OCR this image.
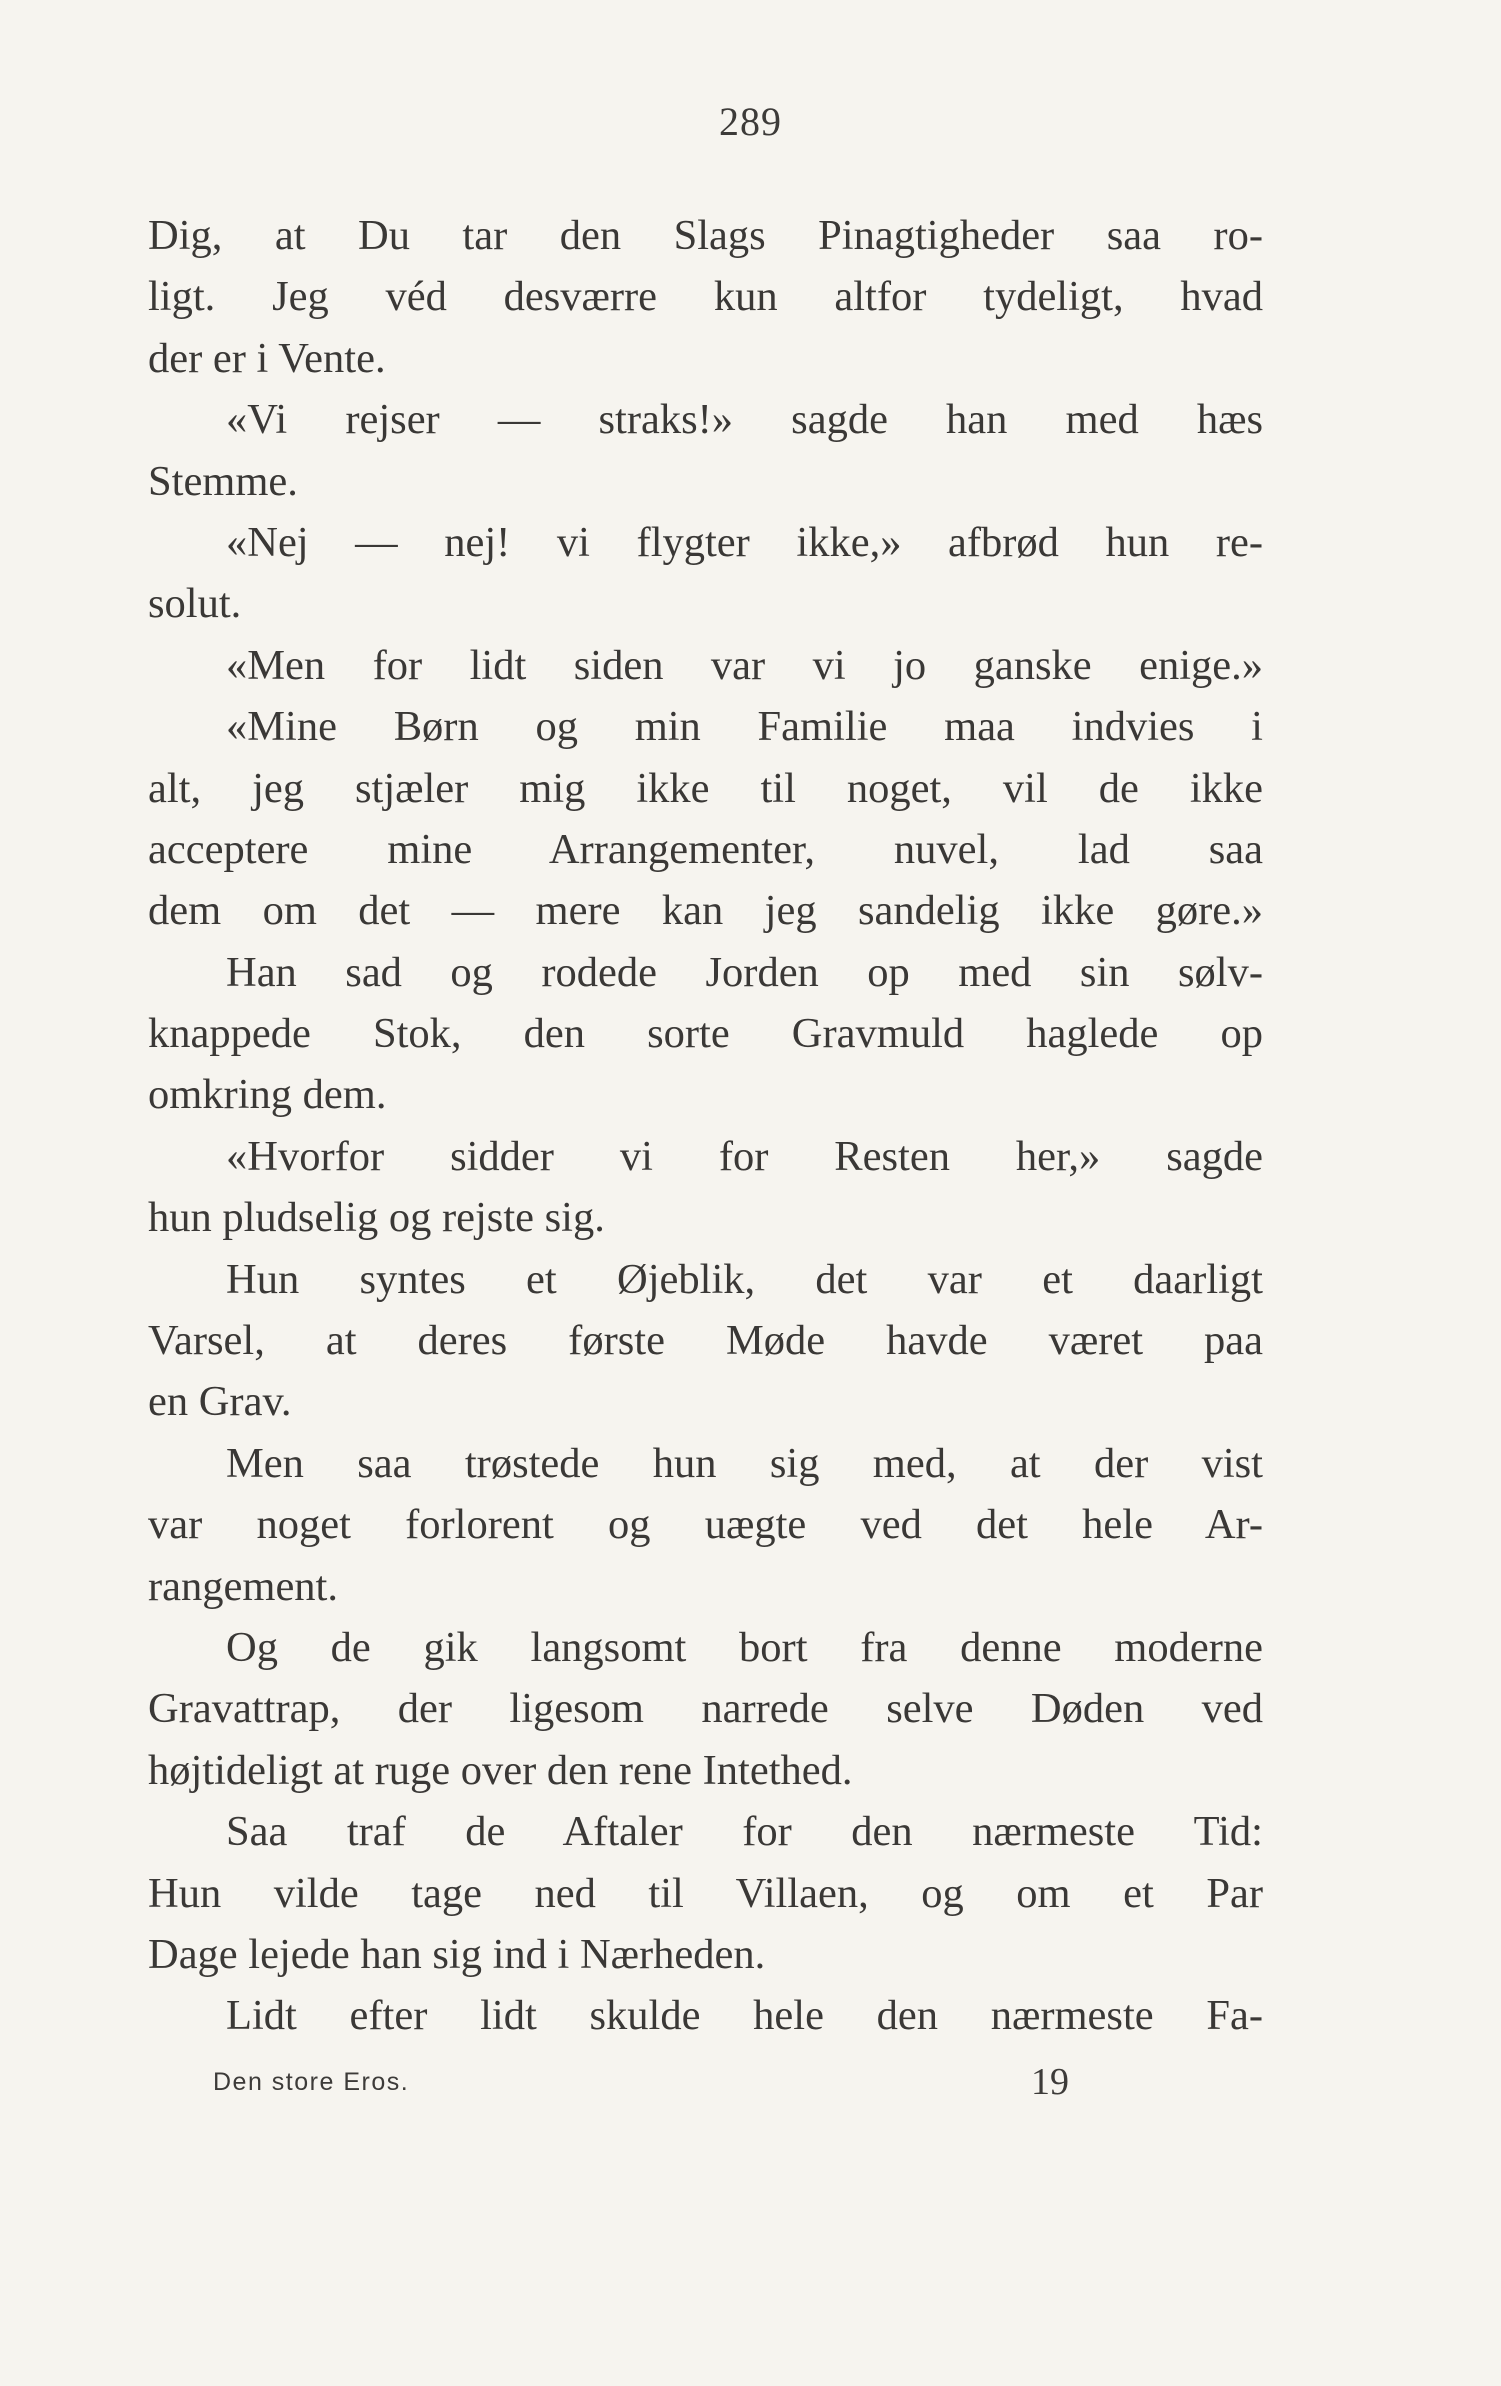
289
Dig, at Du tar den Slags Pinagtigheder saa ro-
ligt. Jeg véd desværre kun altfor tydeligt, hvad
der er i Vente.
«Vi rejser — straks!» sagde han med hæs
Stemme.
«Nej — nej! vi flygter ikke,» afbrød hun re-
solut.
«Men for lidt siden var vi jo ganske enige.»
«Mine Børn og min Familie maa indvies i
alt, jeg stjæler mig ikke til noget, vil de ikke
acceptere mine Arrangementer, nuvel, lad saa
dem om det — mere kan jeg sandelig ikke gøre.»
Han sad og rodede Jorden op med sin sølv-
knappede Stok, den sorte Gravmuld haglede op
omkring dem.
«Hvorfor sidder vi for Resten her,» sagde
hun pludselig og rejste sig.
Hun syntes et Øjeblik, det var et daarligt
Varsel, at deres første Møde havde været paa
en Grav.
Men saa trøstede hun sig med, at der vist
var noget forlorent og uægte ved det hele Ar-
rangement.
Og de gik langsomt bort fra denne moderne
Gravattrap, der ligesom narrede selve Døden ved
højtideligt at ruge over den rene Intethed.
Saa traf de Aftaler for den nærmeste Tid:
Hun vilde tage ned til Villaen, og om et Par
Dage lejede han sig ind i Nærheden.
Lidt efter lidt skulde hele den nærmeste Fa-
Den store Eros.	19
